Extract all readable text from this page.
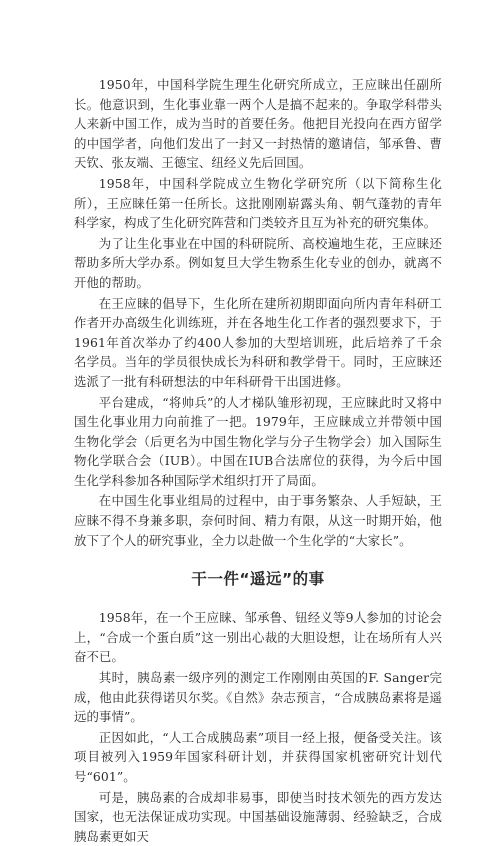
1950年，中国科学院生理生化研究所成立，王应睐出任副所长。他意识到，生化事业靠一两个人是搞不起来的。争取学科带头人来新中国工作，成为当时的首要任务。他把目光投向在西方留学的中国学者，向他们发出了一封又一封热情的邀请信，邹承鲁、曹天钦、张友端、王德宝、纽经义先后回国。

1958年，中国科学院成立生物化学研究所（以下简称生化所），王应睐任第一任所长。这批刚刚崭露头角、朝气蓬勃的青年科学家，构成了生化研究阵营和门类较齐且互为补充的研究集体。

为了让生化事业在中国的科研院所、高校遍地生花，王应睐还帮助多所大学办系。例如复旦大学生物系生化专业的创办，就离不开他的帮助。

在王应睐的倡导下，生化所在建所初期即面向所内青年科研工作者开办高级生化训练班，并在各地生化工作者的强烈要求下，于1961年首次举办了约400人参加的大型培训班，此后培养了千余名学员。当年的学员很快成长为科研和教学骨干。同时，王应睐还选派了一批有科研想法的中年科研骨干出国进修。

平台建成，“将帅兵”的人才梯队雏形初现，王应睐此时又将中国生化事业用力向前推了一把。1979年，王应睐成立并带领中国生物化学会（后更名为中国生物化学与分子生物学会）加入国际生物化学联合会（IUB）。中国在IUB合法席位的获得，为今后中国生化学科参加各种国际学术组织打开了局面。

在中国生化事业组局的过程中，由于事务繁杂、人手短缺，王应睐不得不身兼多职，奈何时间、精力有限，从这一时期开始，他放下了个人的研究事业，全力以赴做一个生化学的“大家长”。

干一件“遥远”的事

1958年，在一个王应睐、邹承鲁、钮经义等9人参加的讨论会上，“合成一个蛋白质”这一别出心裁的大胆设想，让在场所有人兴奋不已。

其时，胰岛素一级序列的测定工作刚刚由英国的F. Sanger完成，他由此获得诺贝尔奖。《自然》杂志预言，“合成胰岛素将是遥远的事情”。

正因如此，“人工合成胰岛素”项目一经上报，便备受关注。该项目被列入1959年国家科研计划，并获得国家机密研究计划代号“601”。

可是，胰岛素的合成却非易事，即使当时技术领先的西方发达国家，也无法保证成功实现。中国基础设施薄弱、经验缺乏，合成胰岛素更如天
